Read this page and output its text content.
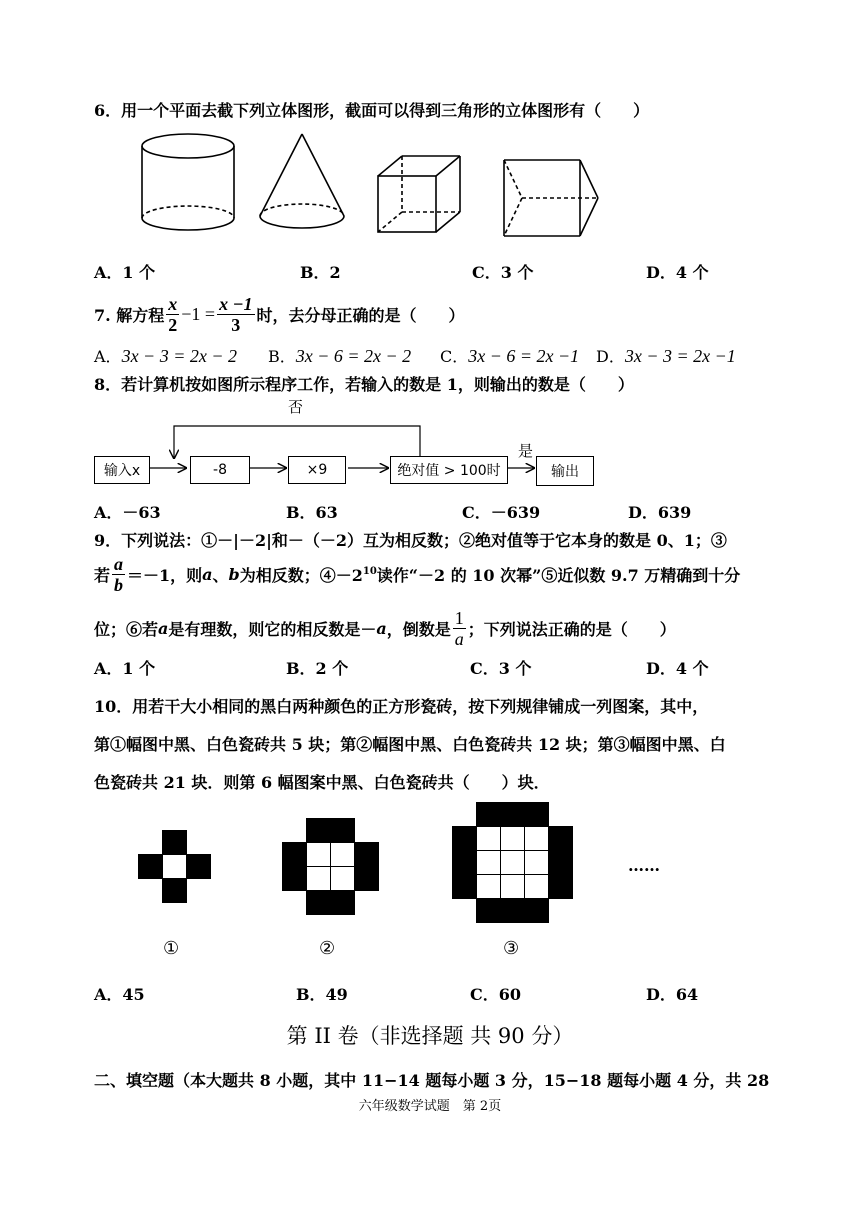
6．用一个平面去截下列立体图形，截面可以得到三角形的立体图形有（　　）
A．1 个	B．2	C．3 个	D．4 个
7. 解方程 $\frac{x}{2} -1 = \frac{x -1}{3}$ 时，去分母正确的是（　　）
A．3x − 3 = 2x − 2 B．3x − 6 = 2x − 2 C．3x − 6 = 2x −1 D．3x − 3 = 2x −1
8．若计算机按如图所示程序工作，若输入的数是 1，则输出的数是（　　）
否
是
输入x	-8	×9	绝对值 > 100时	输出
A．－63	B．63	C．－639	D．639
9．下列说法：①－|－2|和－（－2）互为相反数；②绝对值等于它本身的数是 0、1；③
若 $\frac{a}{b} =-1$，则 a 、 b 为相反数；④－2 10 读作“－2 的 10 次幂”⑤近似数 9.7 万精确到十分
位；⑥若 a 是有理数，则它的相反数是－ a ，倒数是 $\frac{1}{a}$ ；下列说法正确的是（　　）
A．1 个	B．2 个	C．3 个	D．4 个
10．用若干大小相同的黑白两种颜色的正方形瓷砖，按下列规律铺成一列图案，其中，
第①幅图中黑、白色瓷砖共 5 块；第②幅图中黑、白色瓷砖共 12 块；第③幅图中黑、白
色瓷砖共 21 块．则第 6 幅图案中黑、白色瓷砖共（　　）块．
……
①	②	③
A．45	B．49	C．60	D．64
第 II 卷（非选择题 共 90 分）
二、填空题（本大题共 8 小题，其中 11−14 题每小题 3 分，15−18 题每小题 4 分，共 28
六年级数学试题　第 2页
